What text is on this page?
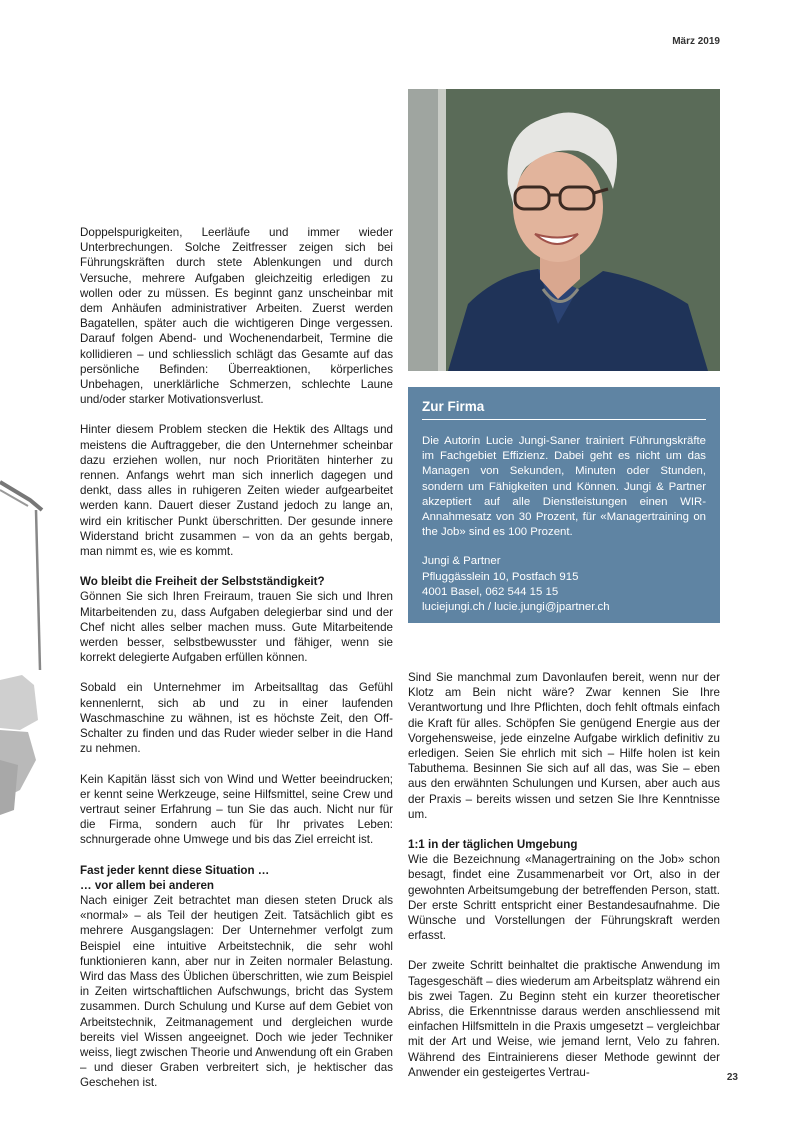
März 2019
Zur Firma

Die Autorin Lucie Jungi-Saner trainiert Führungskräfte im Fachgebiet Effizienz. Dabei geht es nicht um das Managen von Sekunden, Minuten oder Stunden, sondern um Fähigkeiten und Können. Jungi & Partner akzeptiert auf alle Dienstleistungen einen WIR-Annahmesatz von 30 Prozent, für «Managertraining on the Job» sind es 100 Prozent.

Jungi & Partner
Pfluggässlein 10, Postfach 915
4001 Basel, 062 544 15 15
luciejungi.ch / lucie.jungi@jpartner.ch

Doppelspurigkeiten, Leerläufe und immer wieder Unterbrechungen. Solche Zeitfresser zeigen sich bei Führungskräften durch stete Ablenkungen und durch Versuche, mehrere Aufgaben gleichzeitig erledigen zu wollen oder zu müssen. Es beginnt ganz unscheinbar mit dem Anhäufen administrativer Arbeiten. Zuerst werden Bagatellen, später auch die wichtigeren Dinge vergessen. Darauf folgen Abend- und Wochenendarbeit, Termine die kollidieren – und schliesslich schlägt das Gesamte auf das persönliche Befinden: Überreaktionen, körperliches Unbehagen, unerklärliche Schmerzen, schlechte Laune und/oder starker Motivationsverlust.

Hinter diesem Problem stecken die Hektik des Alltags und meistens die Auftraggeber, die den Unternehmer scheinbar dazu erziehen wollen, nur noch Prioritäten hinterher zu rennen. Anfangs wehrt man sich innerlich dagegen und denkt, dass alles in ruhigeren Zeiten wieder aufgearbeitet werden kann. Dauert dieser Zustand jedoch zu lange an, wird ein kritischer Punkt überschritten. Der gesunde innere Widerstand bricht zusammen – von da an gehts bergab, man nimmt es, wie es kommt.

Wo bleibt die Freiheit der Selbstständigkeit?

Gönnen Sie sich Ihren Freiraum, trauen Sie sich und Ihren Mitarbeitenden zu, dass Aufgaben delegierbar sind und der Chef nicht alles selber machen muss. Gute Mitarbeitende werden besser, selbstbewusster und fähiger, wenn sie korrekt delegierte Aufgaben erfüllen können.

Sobald ein Unternehmer im Arbeitsalltag das Gefühl kennenlernt, sich ab und zu in einer laufenden Waschmaschine zu wähnen, ist es höchste Zeit, den Off-Schalter zu finden und das Ruder wieder selber in die Hand zu nehmen.

Kein Kapitän lässt sich von Wind und Wetter beeindrucken; er kennt seine Werkzeuge, seine Hilfsmittel, seine Crew und vertraut seiner Erfahrung – tun Sie das auch. Nicht nur für die Firma, sondern auch für Ihr privates Leben: schnurgerade ohne Umwege und bis das Ziel erreicht ist.

Fast jeder kennt diese Situation …
… vor allem bei anderen

Nach einiger Zeit betrachtet man diesen steten Druck als «normal» – als Teil der heutigen Zeit. Tatsächlich gibt es mehrere Ausgangslagen: Der Unternehmer verfolgt zum Beispiel eine intuitive Arbeitstechnik, die sehr wohl funktionieren kann, aber nur in Zeiten normaler Belastung. Wird das Mass des Üblichen überschritten, wie zum Beispiel in Zeiten wirtschaftlichen Aufschwungs, bricht das System zusammen. Durch Schulung und Kurse auf dem Gebiet von Arbeitstechnik, Zeitmanagement und dergleichen wurde bereits viel Wissen angeeignet. Doch wie jeder Techniker weiss, liegt zwischen Theorie und Anwendung oft ein Graben – und dieser Graben verbreitert sich, je hektischer das Geschehen ist.

Sind Sie manchmal zum Davonlaufen bereit, wenn nur der Klotz am Bein nicht wäre? Zwar kennen Sie Ihre Verantwortung und Ihre Pflichten, doch fehlt oftmals einfach die Kraft für alles. Schöpfen Sie genügend Energie aus der Vorgehensweise, jede einzelne Aufgabe wirklich definitiv zu erledigen. Seien Sie ehrlich mit sich – Hilfe holen ist kein Tabuthema. Besinnen Sie sich auf all das, was Sie – eben aus den erwähnten Schulungen und Kursen, aber auch aus der Praxis – bereits wissen und setzen Sie Ihre Kenntnisse um.

1:1 in der täglichen Umgebung

Wie die Bezeichnung «Managertraining on the Job» schon besagt, findet eine Zusammenarbeit vor Ort, also in der gewohnten Arbeitsumgebung der betreffenden Person, statt. Der erste Schritt entspricht einer Bestandesaufnahme. Die Wünsche und Vorstellungen der Führungskraft werden erfasst.

Der zweite Schritt beinhaltet die praktische Anwendung im Tagesgeschäft – dies wiederum am Arbeitsplatz während ein bis zwei Tagen. Zu Beginn steht ein kurzer theoretischer Abriss, die Erkenntnisse daraus werden anschliessend mit einfachen Hilfsmitteln in die Praxis umgesetzt – vergleichbar mit der Art und Weise, wie jemand lernt, Velo zu fahren. Während des Eintrainierens dieser Methode gewinnt der Anwender ein gesteigertes Vertrau-	23
